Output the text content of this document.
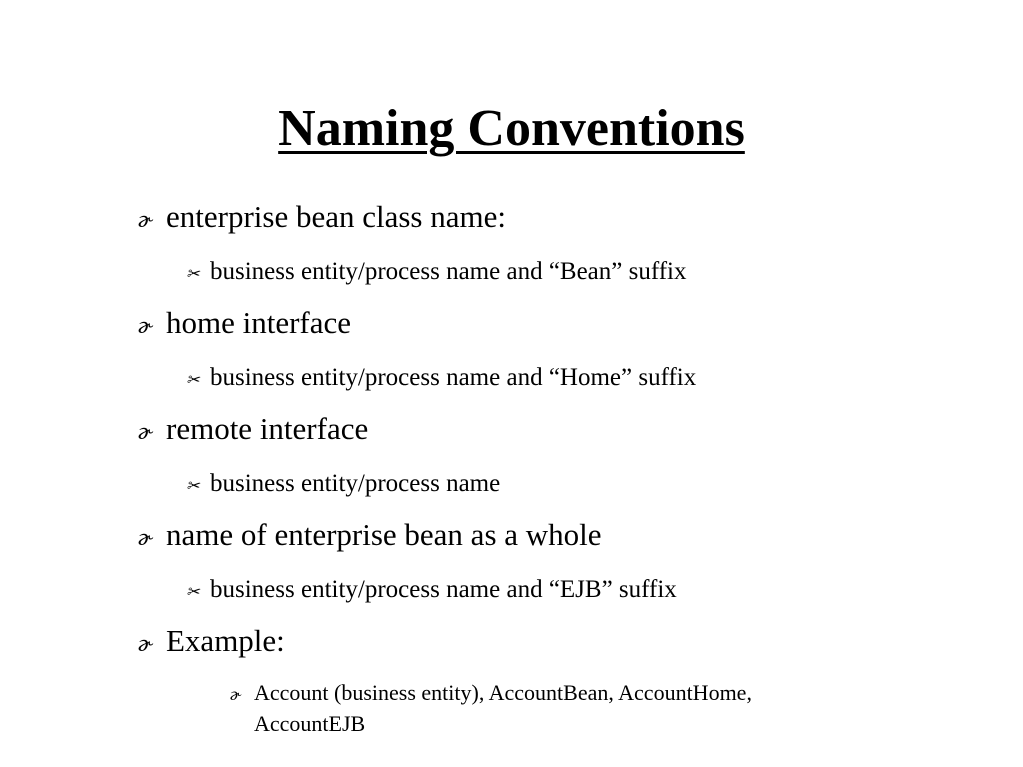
Naming Conventions
ɚ enterprise bean class name:
✂ business entity/process name and “Bean” suffix
ɚ home interface
✂ business entity/process name and “Home” suffix
ɚ remote interface
✂ business entity/process name
ɚ name of enterprise bean as a whole
✂ business entity/process name and “EJB” suffix
ɚ Example:
ɚ Account (business entity), AccountBean, AccountHome,
AccountEJB
